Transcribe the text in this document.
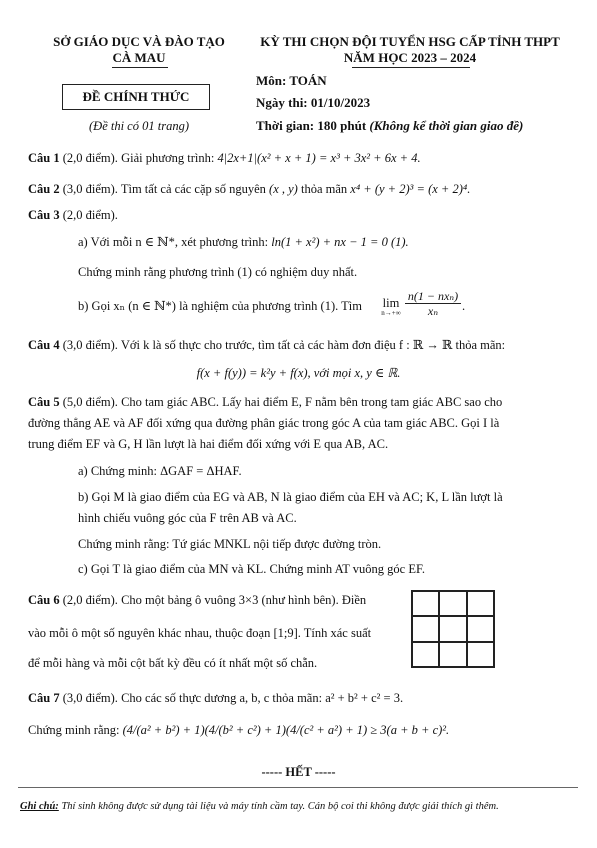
SỞ GIÁO DỤC VÀ ĐÀO TẠO
CÀ MAU
KỲ THI CHỌN ĐỘI TUYỂN HSG CẤP TỈNH THPT
NĂM HỌC 2023 – 2024
ĐỀ CHÍNH THỨC
(Đề thi có 01 trang)
Môn: TOÁN
Ngày thi: 01/10/2023
Thời gian: 180 phút (Không kể thời gian giao đề)
Câu 1 (2,0 điểm). Giải phương trình: 4|2x+1|(x² + x + 1) = x³ + 3x² + 6x + 4.
Câu 2 (3,0 điểm). Tìm tất cả các cặp số nguyên (x , y) thỏa mãn x⁴ + (y + 2)³ = (x + 2)⁴.
Câu 3 (2,0 điểm).
a) Với mỗi n ∈ ℕ*, xét phương trình: ln(1 + x²) + nx − 1 = 0 (1).
Chứng minh rằng phương trình (1) có nghiệm duy nhất.
b) Gọi xₙ (n ∈ ℕ*) là nghiệm của phương trình (1). Tìm lim
n→+∞
n(1 − nxₙ)
xₙ	.
Câu 4 (3,0 điểm). Với k là số thực cho trước, tìm tất cả các hàm đơn điệu f : ℝ → ℝ thỏa mãn:
f(x + f(y)) = k²y + f(x), với mọi x, y ∈ ℝ.
Câu 5 (5,0 điểm). Cho tam giác ABC. Lấy hai điểm E, F nằm bên trong tam giác ABC sao cho
đường thẳng AE và AF đối xứng qua đường phân giác trong góc A của tam giác ABC. Gọi I là
trung điểm EF và G, H lần lượt là hai điểm đối xứng với E qua AB, AC.
a) Chứng minh: ΔGAF = ΔHAF.
b) Gọi M là giao điểm của EG và AB, N là giao điểm của EH và AC; K, L lần lượt là
hình chiếu vuông góc của F trên AB và AC.
Chứng minh rằng: Tứ giác MNKL nội tiếp được đường tròn.
c) Gọi T là giao điểm của MN và KL. Chứng minh AT vuông góc EF.
Câu 6 (2,0 điểm). Cho một bảng ô vuông 3×3 (như hình bên). Điền
vào mỗi ô một số nguyên khác nhau, thuộc đoạn [1;9]. Tính xác suất
để mỗi hàng và mỗi cột bất kỳ đều có ít nhất một số chẵn.
Câu 7 (3,0 điểm). Cho các số thực dương a, b, c thỏa mãn: a² + b² + c² = 3.
Chứng minh rằng: (4/(a² + b²) + 1)(4/(b² + c²) + 1)(4/(c² + a²) + 1) ≥ 3(a + b + c)².
----- HẾT -----
Ghi chú: Thí sinh không được sử dụng tài liệu và máy tính cầm tay. Cán bộ coi thi không được giải thích gì thêm.
